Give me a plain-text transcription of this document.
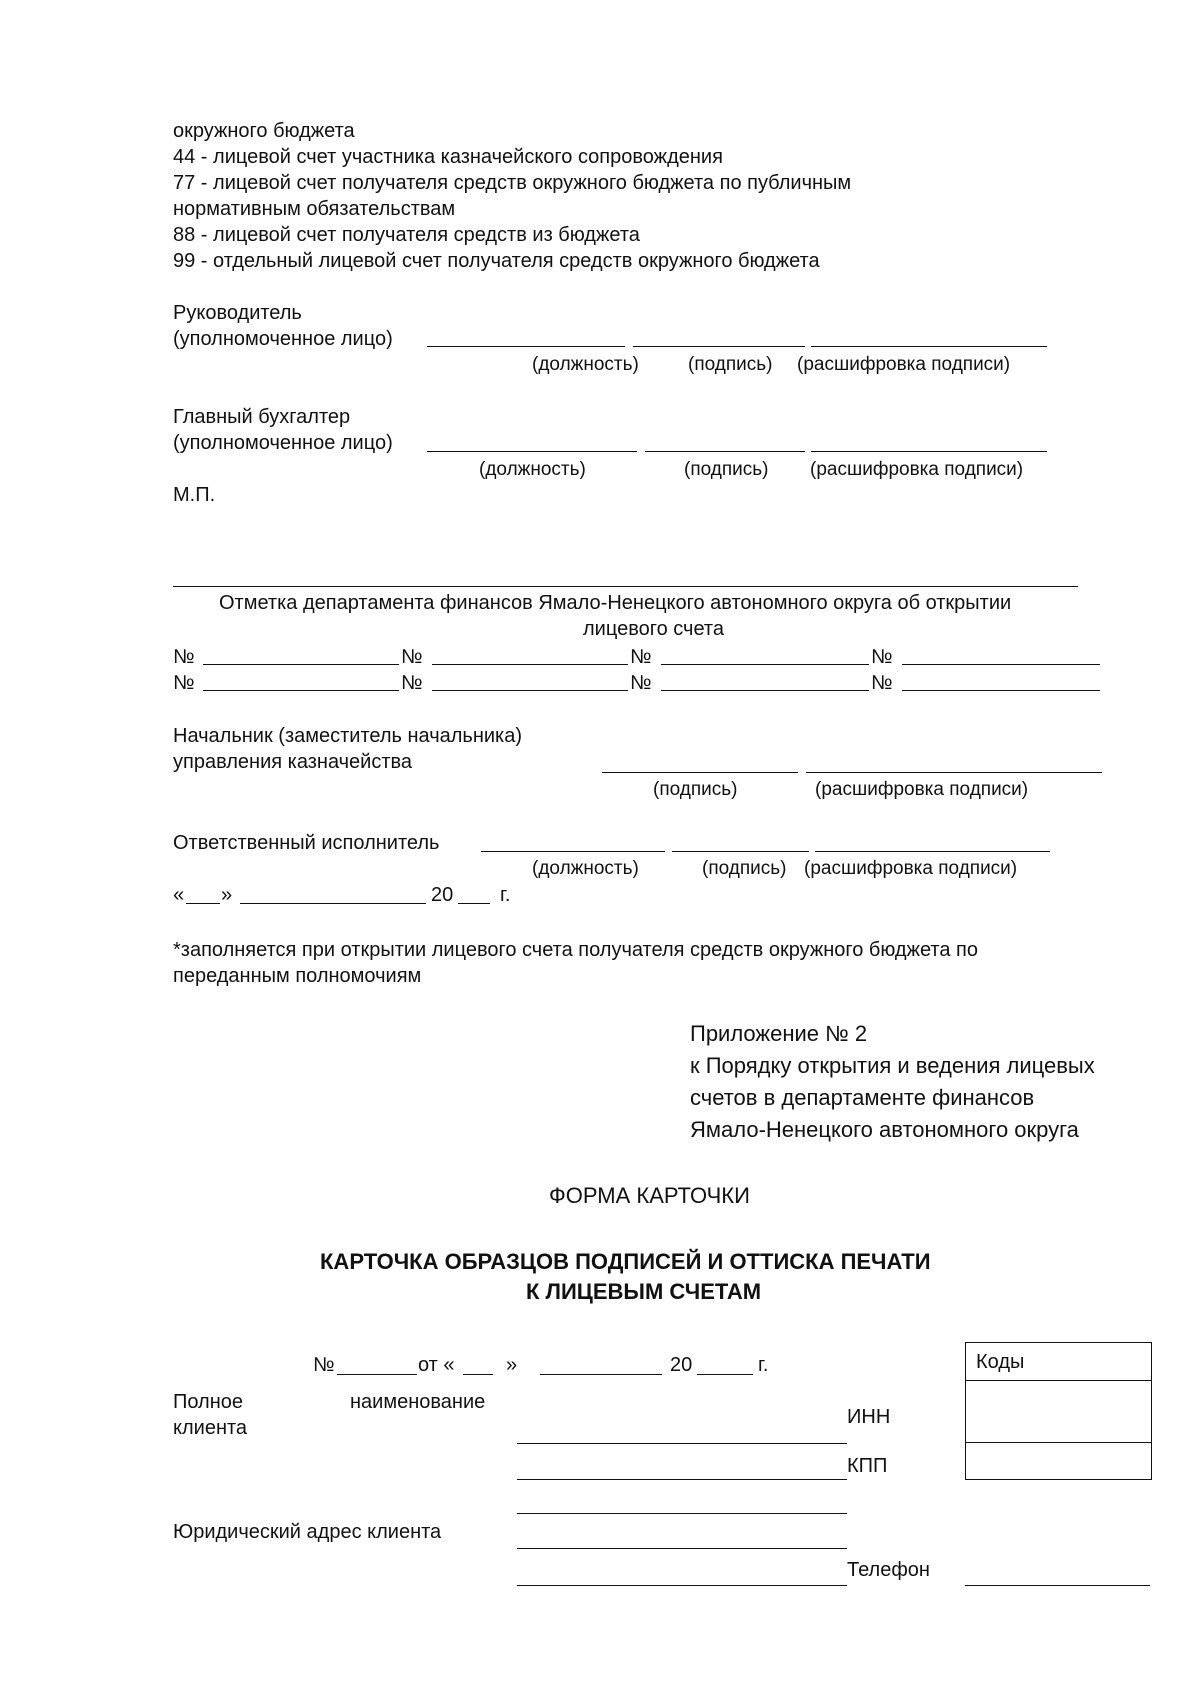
окружного бюджета
44 - лицевой счет участника казначейского сопровождения
77 - лицевой счет получателя средств окружного бюджета по публичным
нормативным обязательствам
88 - лицевой счет получателя средств из бюджета
99 - отдельный лицевой счет получателя средств окружного бюджета
Руководитель
(уполномоченное лицо)
(должность)	(подпись) (расшифровка подписи)
Главный бухгалтер
(уполномоченное лицо)
(должность)	(подпись) (расшифровка подписи)
М.П.
Отметка департамента финансов Ямало-Ненецкого автономного округа об открытии
лицевого счета
№	№	№	№
№	№	№	№
Начальник (заместитель начальника)
управления казначейства
(подпись)	(расшифровка подписи)
Ответственный исполнитель
(должность)	(подпись) (расшифровка подписи)
« »	20 г.
*заполняется при открытии лицевого счета получателя средств окружного бюджета по
переданным полномочиям
Приложение № 2
к Порядку открытия и ведения лицевых
счетов в департаменте финансов
Ямало-Ненецкого автономного округа
ФОРМА КАРТОЧКИ
КАРТОЧКА ОБРАЗЦОВ ПОДПИСЕЙ И ОТТИСКА ПЕЧАТИ
К ЛИЦЕВЫМ СЧЕТАМ
№	от «	»	20	г.
Полное	наименование
клиента	ИНН
КПП
Юридический адрес клиента
Телефон
Коды
